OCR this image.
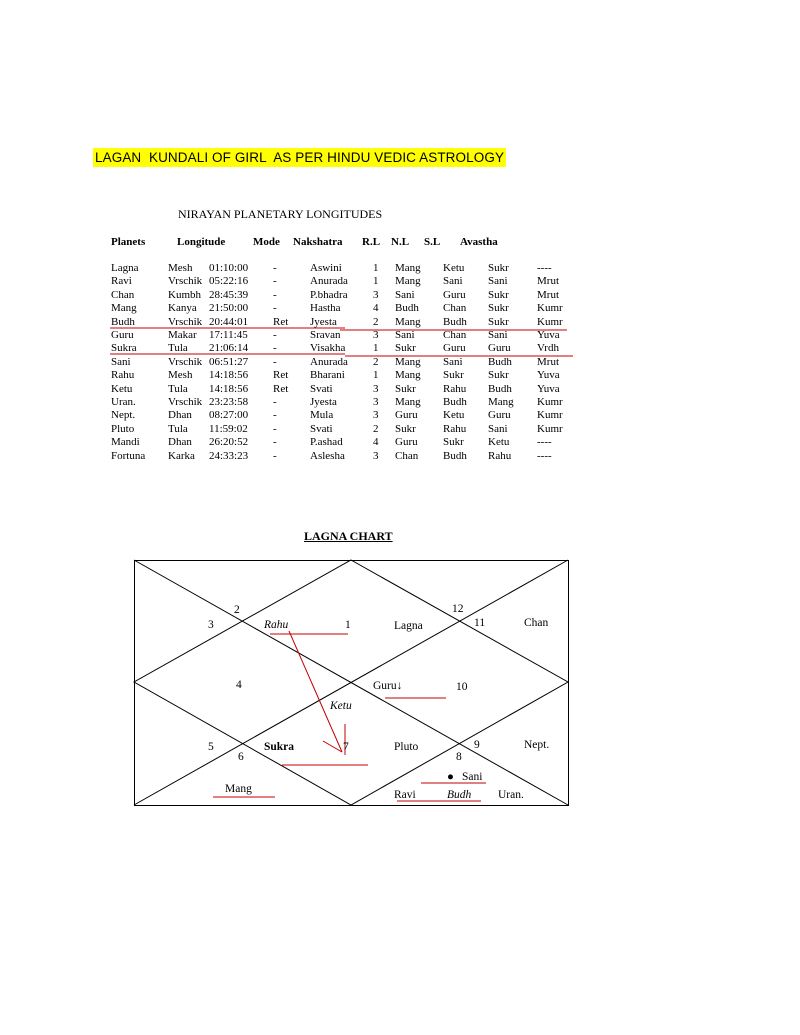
LAGAN  KUNDALI OF GIRL  AS PER HINDU VEDIC ASTROLOGY
NIRAYAN PLANETARY LONGITUDES
Planets	Longitude	Mode Nakshatra R.L N.L S.L Avastha
Lagna	Mesh 01:10:00 -	Aswini	1 Mang Ketu Sukr	----
Ravi	Vrschik 05:22:16 -	Anurada 1 Mang Sani Sani	Mrut
Chan	Kumbh 28:45:39 -	P.bhadra 3 Sani	Guru Sukr	Mrut
Mang	Kanya 21:50:00 -	Hastha	4 Budh Chan Sukr	Kumr
Budh	Vrschik 20:44:01 Ret Jyesta	2 Mang Budh Sukr	Kumr
Guru	Makar 17:11:45 -	Sravan	3 Sani	Chan Sani	Yuva
Sukra	Tula 21:06:14 -	Visakha	1 Sukr Guru Guru Vrdh
Sani	Vrschik 06:51:27 -	Anurada 2 Mang Sani Budh Mrut
Rahu	Mesh 14:18:56 Ret Bharani	1 Mang Sukr Sukr	Yuva
Ketu	Tula 14:18:56 Ret Svati	3 Sukr Rahu Budh Yuva
Uran.	Vrschik 23:23:58 -	Jyesta	3 Mang Budh Mang Kumr
Nept.	Dhan 08:27:00 -	Mula	3 Guru Ketu Guru Kumr
Pluto	Tula 11:59:02 -	Svati	2 Sukr Rahu Sani	Kumr
Mandi	Dhan 26:20:52 -	P.ashad	4 Guru Sukr Ketu	----
Fortuna Karka 24:33:23 -	Aslesha	3 Chan Budh Rahu ----
LAGNA CHART
2
3	Rahu	1	Lagna
12
11	Chan
4	Guru↓	10
Ketu
5	Sukra	7	Pluto	9	Nept.
6	8
● Sani
Mang	Ravi	Budh Uran.
